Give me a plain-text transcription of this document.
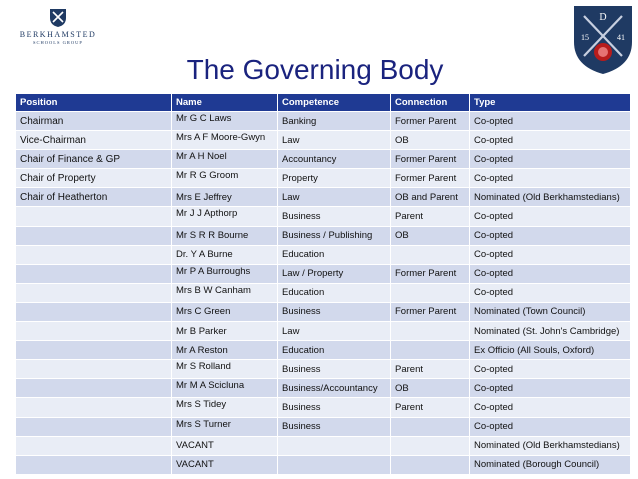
BERKHAMSTED
SCHOOLS GROUP
D
15	41
The Governing Body
Position	Name	Competence	Connection	Type
Chairman	Mr G C Laws	Banking	Former Parent	Co-opted
Vice-Chairman	Mrs A F Moore-Gwyn	Law	OB	Co-opted
Chair of Finance & GP	Mr A H Noel	Accountancy	Former Parent	Co-opted
Chair of Property	Mr R G Groom	Property	Former Parent	Co-opted
Chair of Heatherton	Mrs E Jeffrey	Law	OB and Parent	Nominated (Old Berkhamstedians)
	Mr J J Apthorp	Business	Parent	Co-opted
	Mr S R R Bourne	Business / Publishing	OB	Co-opted
	Dr. Y A Burne	Education		Co-opted
	Mr P A Burroughs	Law / Property	Former Parent	Co-opted
	Mrs B W Canham	Education		Co-opted
	Mrs C Green	Business	Former Parent	Nominated (Town Council)
	Mr B Parker	Law		Nominated (St. John's Cambridge)
	Mr A Reston	Education		Ex Officio (All Souls, Oxford)
	Mr S Rolland	Business	Parent	Co-opted
	Mr M A Scicluna	Business/Accountancy	OB	Co-opted
	Mrs S Tidey	Business	Parent	Co-opted
	Mrs S Turner	Business		Co-opted
	VACANT			Nominated (Old Berkhamstedians)
	VACANT			Nominated (Borough Council)
